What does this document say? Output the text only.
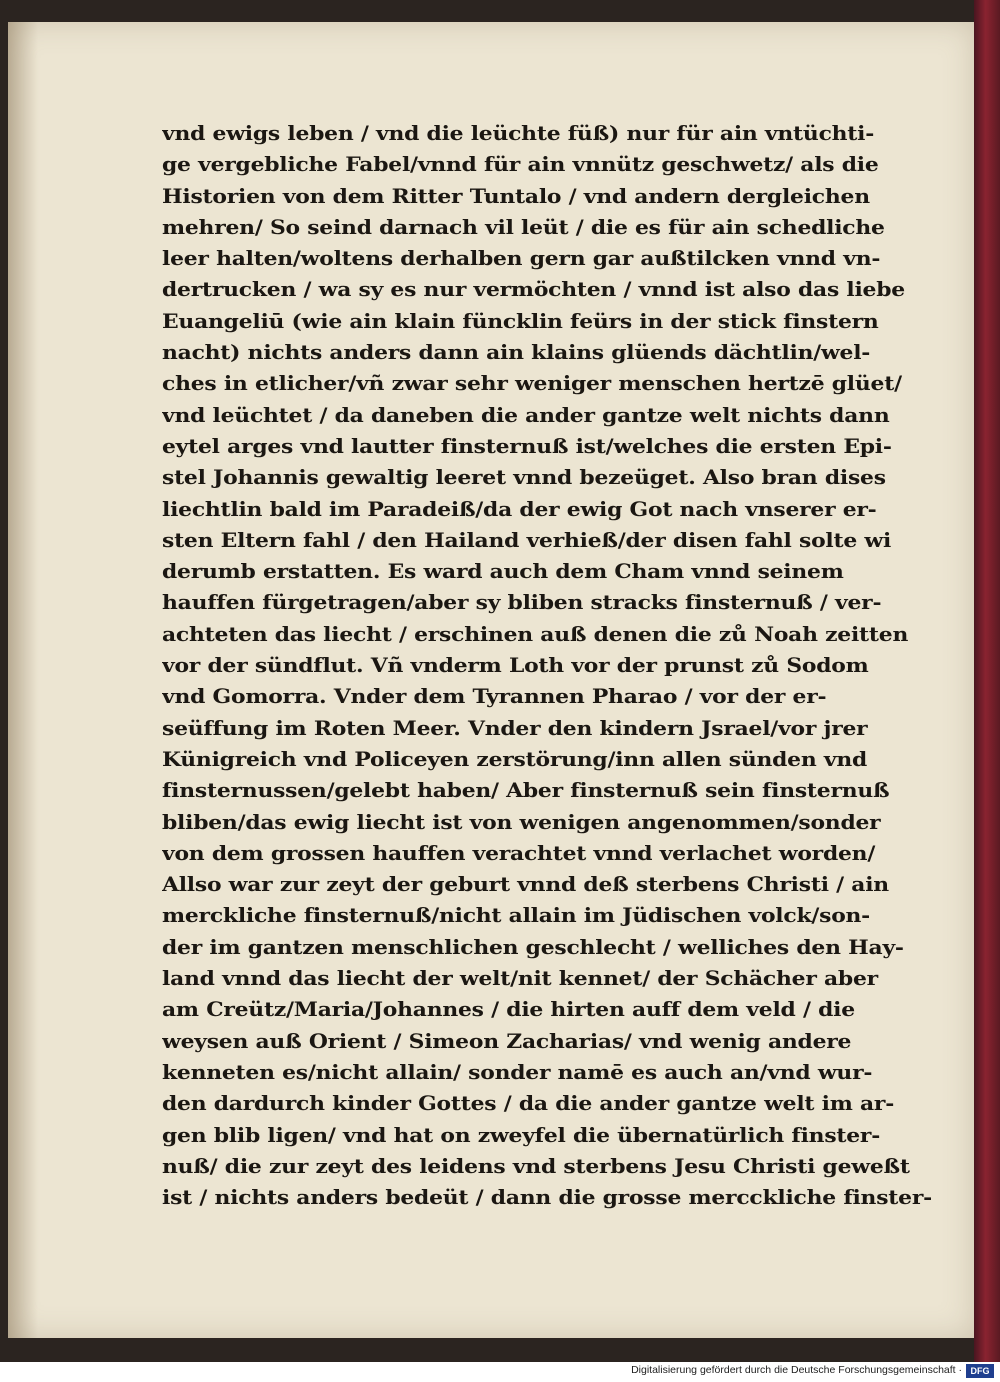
vnd ewigs leben / vnd die leüchte füß) nur für ain vntüchti-
ge vergebliche Fabel/vnnd für ain vnnütz geschwetz/ als die
Historien von dem Ritter Tuntalo / vnd andern dergleichen
mehren/ So seind darnach vil leüt / die es für ain schedliche
leer halten/woltens derhalben gern gar außtilcken vnnd vn-
dertrucken / wa sy es nur vermöchten / vnnd ist also das liebe
Euangeliū (wie ain klain füncklin feürs in der stick finstern
nacht) nichts anders dann ain klains glüends dächtlin/wel-
ches in etlicher/vñ zwar sehr weniger menschen hertzē glüet/
vnd leüchtet / da daneben die ander gantze welt nichts dann
eytel arges vnd lautter finsternuß ist/welches die ersten Epi-
stel Johannis gewaltig leeret vnnd bezeüget. Also bran dises
liechtlin bald im Paradeiß/da der ewig Got nach vnserer er-
sten Eltern fahl / den Hailand verhieß/der disen fahl solte wi
derumb erstatten. Es ward auch dem Cham vnnd seinem
hauffen fürgetragen/aber sy bliben stracks finsternuß / ver-
achteten das liecht / erschinen auß denen die zů Noah zeitten
vor der sündflut. Vñ vnderm Loth vor der prunst zů Sodom
vnd Gomorra. Vnder dem Tyrannen Pharao / vor der er-
seüffung im Roten Meer. Vnder den kindern Jsrael/vor jrer
Künigreich vnd Policeyen zerstörung/inn allen sünden vnd
finsternussen/gelebt haben/ Aber finsternuß sein finsternuß
bliben/das ewig liecht ist von wenigen angenommen/sonder
von dem grossen hauffen verachtet vnnd verlachet worden/
Allso war zur zeyt der geburt vnnd deß sterbens Christi / ain
merckliche finsternuß/nicht allain im Jüdischen volck/son-
der im gantzen menschlichen geschlecht / welliches den Hay-
land vnnd das liecht der welt/nit kennet/ der Schächer aber
am Creütz/Maria/Johannes / die hirten auff dem veld / die
weysen auß Orient / Simeon Zacharias/ vnd wenig andere
kenneten es/nicht allain/ sonder namē es auch an/vnd wur-
den dardurch kinder Gottes / da die ander gantze welt im ar-
gen blib ligen/ vnd hat on zweyfel die übernatürlich finster-
nuß/ die zur zeyt des leidens vnd sterbens Jesu Christi geweßt
ist / nichts anders bedeüt / dann die grosse mercckliche finster-
Digitalisierung gefördert durch die Deutsche Forschungsgemeinschaft · DFG
